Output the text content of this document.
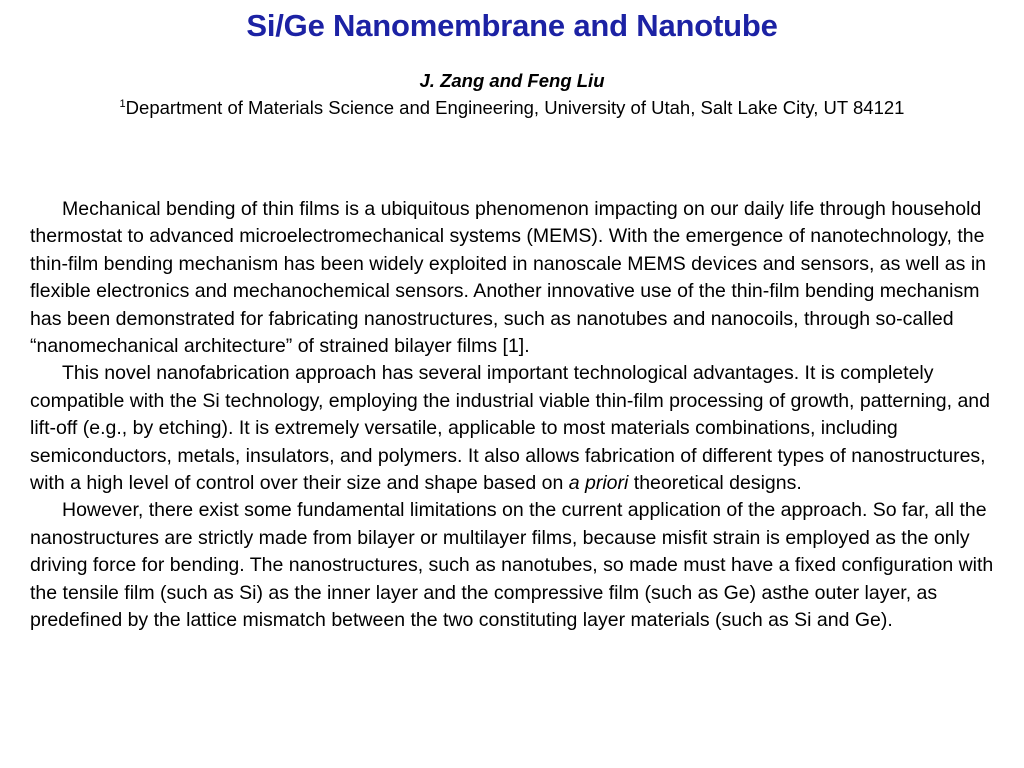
Si/Ge Nanomembrane and Nanotube
J. Zang and Feng Liu
$^1$Department of Materials Science and Engineering, University of Utah, Salt Lake City, UT 84121

Mechanical bending of thin films is a ubiquitous phenomenon impacting on our daily life through household thermostat to advanced microelectromechanical systems (MEMS). With the emergence of nanotechnology, the thin-film bending mechanism has been widely exploited in nanoscale MEMS devices and sensors, as well as in flexible electronics and mechanochemical sensors. Another innovative use of the thin-film bending mechanism has been demonstrated for fabricating nanostructures, such as nanotubes and nanocoils, through so-called “nanomechanical architecture” of strained bilayer films [1].

This novel nanofabrication approach has several important technological advantages. It is completely compatible with the Si technology, employing the industrial viable thin-film processing of growth, patterning, and lift-off (e.g., by etching). It is extremely versatile, applicable to most materials combinations, including semiconductors, metals, insulators, and polymers. It also allows fabrication of different types of nanostructures, with a high level of control over their size and shape based on a priori theoretical designs.

However, there exist some fundamental limitations on the current application of the approach. So far, all the nanostructures are strictly made from bilayer or multilayer films, because misfit strain is employed as the only driving force for bending. The nanostructures, such as nanotubes, so made must have a fixed configuration with the tensile film (such as Si) as the inner layer and the compressive film (such as Ge) asthe outer layer, as predefined by the lattice mismatch between the two constituting layer materials (such as Si and Ge).
